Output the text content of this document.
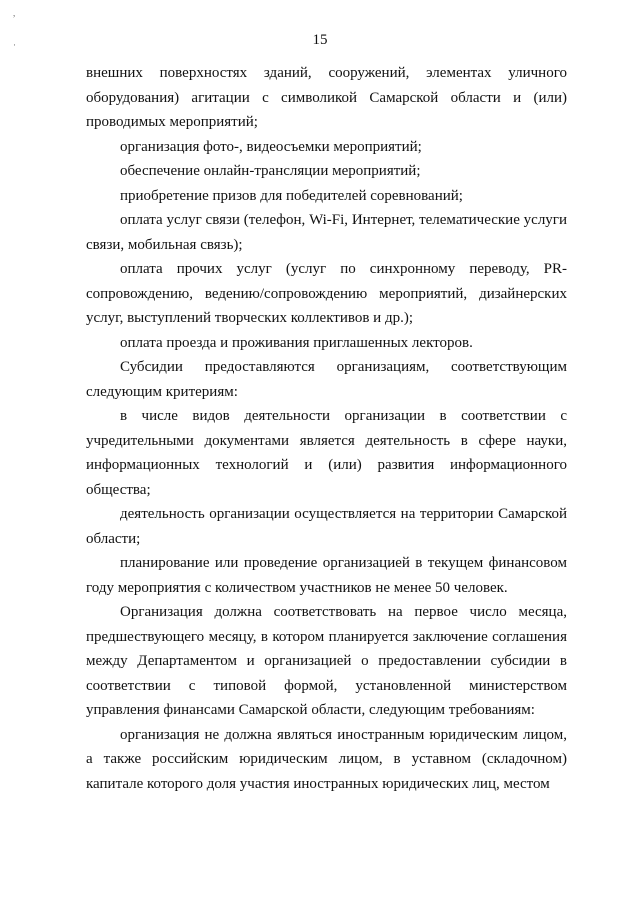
,
·	15

внешних поверхностях зданий, сооружений, элементах уличного оборудования) агитации с символикой Самарской области и (или) проводимых мероприятий;

организация фото-, видеосъемки мероприятий;

обеспечение онлайн-трансляции мероприятий;

приобретение призов для победителей соревнований;

оплата услуг связи (телефон, Wi-Fi, Интернет, телематические услуги связи, мобильная связь);

оплата прочих услуг (услуг по синхронному переводу, PR-сопровождению, ведению/сопровождению мероприятий, дизайнерских услуг, выступлений творческих коллективов и др.);

оплата проезда и проживания приглашенных лекторов.

Субсидии предоставляются организациям, соответствующим следующим критериям:

в числе видов деятельности организации в соответствии с учредительными документами является деятельность в сфере науки, информационных технологий и (или) развития информационного общества;

деятельность организации осуществляется на территории Самарской области;

планирование или проведение организацией в текущем финансовом году мероприятия с количеством участников не менее 50 человек.

Организация должна соответствовать на первое число месяца, предшествующего месяцу, в котором планируется заключение соглашения между Департаментом и организацией о предоставлении субсидии в соответствии с типовой формой, установленной министерством управления финансами Самарской области, следующим требованиям:

организация не должна являться иностранным юридическим лицом, а также российским юридическим лицом, в уставном (складочном) капитале которого доля участия иностранных юридических лиц, местом
